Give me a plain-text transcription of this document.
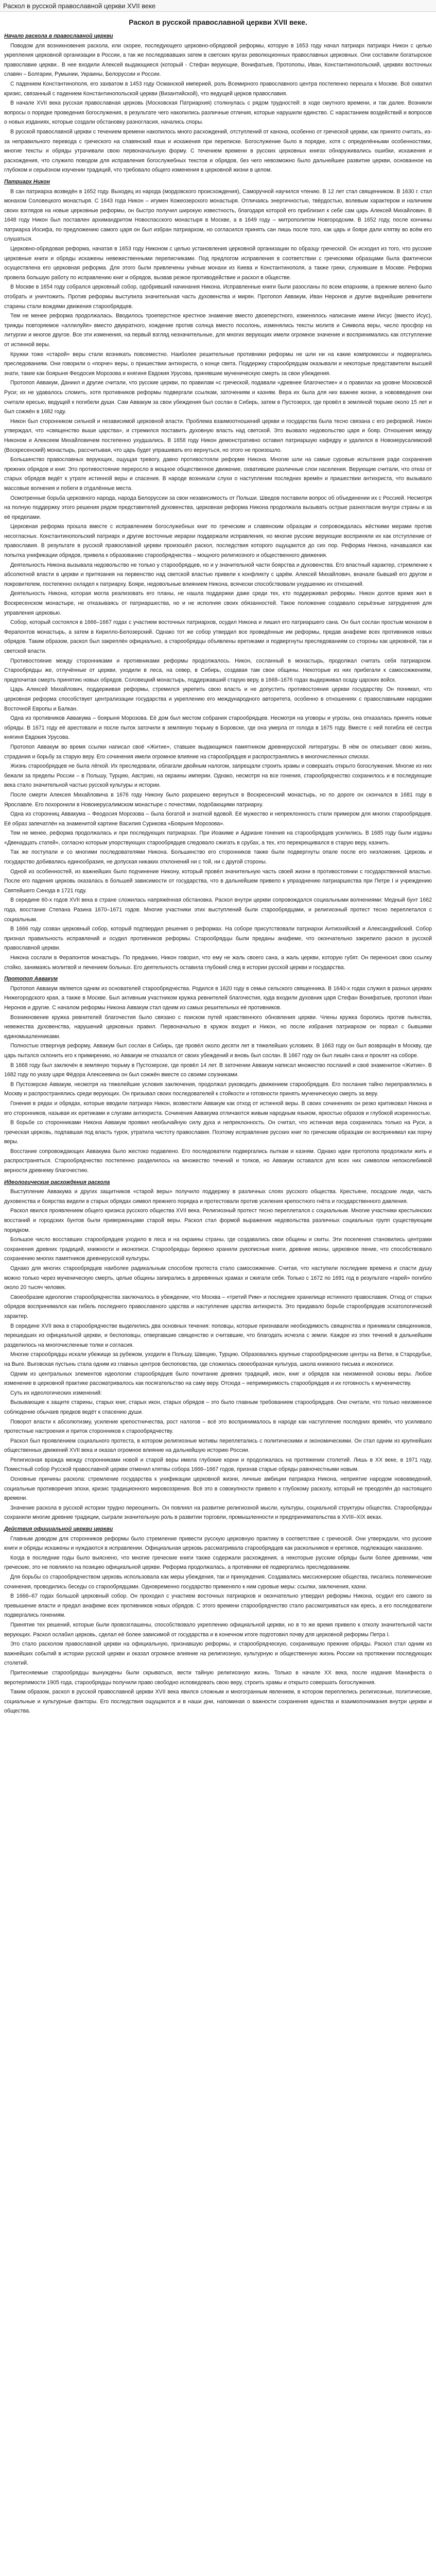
Раскол в русской православной церкви XVII веке
Раскол в русской православной церкви XVII веке.
Начало раскола в православной церкви

Поводом для возникновения раскола, или скорее, последующего церковно-обрядовой реформы, которую в 1653 году начал патриарх патриарх Никон с целью укрепления церковной организации в России, а так же последовавших затем в светских кругах революционных православных церковных. Они составили богатырское православие церкви.. В нее входили Алексей выдающиеся (который - Стефан верующие, Вонифатьев, Протопопы, Иван, Константинопольский, церквях восточных славян – Болгарии, Румынии, Украины, Белоруссии и России.

С падением Константинополя, его захватом в 1453 году Османской империей, роль Всемирного православного центра постепенно перешла к Москве. Всё охватил кризис, связанный с падением Константинопольской церкви (Византийской), что ведущей церков православия.

В начале XVII века русская православная церковь (Московская Патриархия) столкнулась с рядом трудностей: в ходе смутного времени, и так далее. Возникли вопросы о порядке проведения богослужения, в результате чего накопились различные отличия, которые нарушили единство. С нарастанием воздействий и вопросов о новых изданиях, которые создали обстановку разногласия, начались споры.

В русской православной церкви с течением времени накопилось много расхождений, отступлений от канона, особенно от греческой церкви, как принято считать, из-за неправильного перевода с греческого на славянский язык и искажения при переписке. Богослужение было в порядке, хотя с определёнными особенностями, многие тексты и обряды утрачивали свою первоначальную форму. С течением времени в русских церковных книгах обнаруживались ошибки, искажения и расхождения, что служило поводом для исправления богослужебных текстов и обрядов, без чего невозможно было дальнейшее развитие церкви, основанное на глубоком и серьёзном изучении традиций, что требовало общего изменения в церковной жизни в целом.

Патриарх Никон

В сан патриарха возведён в 1652 году. Выходец из народа (мордовского происхождения), Саморучной научился чтению. В 12 лет стал священником. В 1630 г. стал монахом Соловецкого монастыря. С 1643 года Никон – игумен Кожеозерского монастыря. Отличаясь энергичностью, твёрдостью, волевым характером и наличием своих взглядов на новые церковные реформы, он быстро получил широкую известность, благодаря которой его приблизил к себе сам царь Алексей Михайлович. В 1648 году Никон был поставлен архимандритом Новоспасского монастыря в Москве, а в 1649 году – митрополитом Новгородским. В 1652 году, после кончины патриарха Иосифа, по предложению самого царя он был избран патриархом, но согласился принять сан лишь после того, как царь и бояре дали клятву во всём его слушаться.

Церковно-обрядовая реформа, начатая в 1653 году Никоном с целью установления церковной организации по образцу греческой. Он исходил из того, что русские церковные книги и обряды искажены невежественными переписчиками. Под предлогом исправления в соответствии с греческими образцами была фактически осуществлена его церковная реформа. Для этого были привлечены учёные монахи из Киева и Константинополя, а также греки, служившие в Москве. Реформа провела большую работу по исправлению книг и обрядов, вызвав резкое противодействие и раскол в обществе.

В Москве в 1654 году собрался церковный собор, одобривший начинания Никона. Исправленные книги были разосланы по всем епархиям, а прежние велено было отобрать и уничтожить. Против реформы выступила значительная часть духовенства и мирян. Протопоп Аввакум, Иван Неронов и другие виднейшие ревнители старины стали вождями движения старообрядцев.

Тем не менее реформа продолжалась. Вводилось троеперстное крестное знамение вместо двоеперстного, изменялось написание имени Иисус (вместо Исус), трижды повторяемое «аллилуйя» вместо двукратного, хождение против солнца вместо посолонь, изменялись тексты молитв и Символа веры, число просфор на литургии и многое другое. Все эти изменения, на первый взгляд незначительные, для многих верующих имели огромное значение и воспринимались как отступление от истинной веры.

Кружки тоже «старой» веры стали возникать повсеместно. Наиболее решительные противники реформы не шли ни на какие компромиссы и подвергались преследованиям. Они говорили о «порче» веры, о пришествии антихриста, о конце света. Поддержку старообрядцам оказывали и некоторые представители высшей знати, такие как боярыня Феодосия Морозова и княгиня Евдокия Урусова, принявшие мученическую смерть за свои убеждения.

Протопоп Аввакум, Даниил и другие считали, что русские церкви, по правилам «с греческой, подавали «древнее благочестие» и о правилах на уровне Московской Руси; их не удавалось сломить, хотя противников реформы подвергали ссылкам, заточениям и казням. Вера их была для них важнее жизни, а нововведения они считали ересью, ведущей к погибели души. Сам Аввакум за свои убеждения был сослан в Сибирь, затем в Пустозерск, где провёл в земляной тюрьме около 15 лет и был сожжён в 1682 году.

Никон был сторонником сильной и независимой церковной власти. Проблема взаимоотношений церкви и государства была тесно связана с его реформой. Никон утверждал, что «священство выше царства», и стремился поставить духовную власть над светской. Это вызвало недовольство царя и бояр. Отношения между Никоном и Алексеем Михайловичем постепенно ухудшались. В 1658 году Никон демонстративно оставил патриаршую кафедру и удалился в Новоиерусалимский (Воскресенский) монастырь, рассчитывая, что царь будет упрашивать его вернуться, но этого не произошло.

Большинство православных верующих, ощущая тревогу, давно противостояли реформе Никона. Многие шли на самые суровые испытания ради сохранения прежних обрядов и книг. Это противостояние переросло в мощное общественное движение, охватившее различные слои населения. Верующие считали, что отказ от старых обрядов ведёт к утрате истинной веры и спасения. В народе возникали слухи о наступлении последних времён и пришествии антихриста, что вызывало массовые волнения и побеги в отдалённые места.

Осмотренные борьба церковного народа, народа Белоруссии за свои независимость от Польши. Шведов поставили вопрос об объединении их с Россией. Несмотря на полную поддержку этого решения рядом представителей духовенства, церковная реформа Никона продолжала вызывать острые разногласия внутри страны и за её пределами.

Церковная реформа прошла вместе с исправлением богослужебных книг по греческим и славянским образцам и сопровождалась жёсткими мерами против несогласных. Константинопольский патриарх и другие восточные иерархи поддержали исправления, но многие русские верующие восприняли их как отступление от православия. В результате в русской православной церкви произошёл раскол, последствия которого ощущаются до сих пор. Реформа Никона, начавшаяся как попытка унификации обрядов, привела к образованию старообрядчества – мощного религиозного и общественного движения.

Деятельность Никона вызывала недовольство не только у старообрядцев, но и у значительной части боярства и духовенства. Его властный характер, стремление к абсолютной власти в церкви и притязания на первенство над светской властью привели к конфликту с царём. Алексей Михайлович, вначале бывший его другом и покровителем, постепенно охладел к патриарху. Бояре, недовольные влиянием Никона, всячески способствовали ухудшению их отношений.

Деятельность Никона, которая могла реализовать его планы, не нашла поддержки даже среди тех, кто поддерживал реформы. Никон долгое время жил в Воскресенском монастыре, не отказываясь от патриаршества, но и не исполняя своих обязанностей. Такое положение создавало серьёзные затруднения для управления церковью.

Собор, который состоялся в 1666–1667 годах с участием восточных патриархов, осудил Никона и лишил его патриаршего сана. Он был сослан простым монахом в Ферапонтов монастырь, а затем в Кирилло-Белозерский. Однако тот же собор утвердил все проведённые им реформы, предав анафеме всех противников новых обрядов. Таким образом, раскол был закреплён официально, а старообрядцы объявлены еретиками и подвергнуты преследованиям со стороны как церковной, так и светской власти.

Противостояние между сторонниками и противниками реформы продолжалось. Никон, сосланный в монастырь, продолжал считать себя патриархом. Старообрядцы же, отлучённые от церкви, уходили в леса, на север, в Сибирь, создавая там свои общины. Некоторые из них прибегали к самосожжениям, предпочитая смерть принятию новых обрядов. Соловецкий монастырь, поддержавший старую веру, в 1668–1676 годах выдерживал осаду царских войск.

Царь Алексей Михайлович, поддерживая реформы, стремился укрепить свою власть и не допустить противостояния церкви государству. Он понимал, что церковная реформа способствует централизации государства и укреплению его международного авторитета, особенно в отношениях с православными народами Восточной Европы и Балкан.

Одна из противников Аввакума – боярыня Морозова. Её дом был местом собрания старообрядцев. Несмотря на уговоры и угрозы, она отказалась принять новые обряды. В 1671 году её арестовали и после пыток заточили в земляную тюрьму в Боровске, где она умерла от голода в 1675 году. Вместе с ней погибла её сестра княгиня Евдокия Урусова.

Протопоп Аввакум во время ссылки написал своё «Житие», ставшее выдающимся памятником древнерусской литературы. В нём он описывает свою жизнь, страдания и борьбу за старую веру. Его сочинения имели огромное влияние на старообрядцев и распространялись в многочисленных списках.

Жизнь старообрядцев не была лёгкой. Их преследовали, облагали двойным налогом, запрещали строить храмы и совершать открыто богослужения. Многие из них бежали за пределы России – в Польшу, Турцию, Австрию, на окраины империи. Однако, несмотря на все гонения, старообрядчество сохранилось и в последующие века стало значительной частью русской культуры и истории.

После смерти Алексея Михайловича в 1676 году Никону было разрешено вернуться в Воскресенский монастырь, но по дороге он скончался в 1681 году в Ярославле. Его похоронили в Новоиерусалимском монастыре с почестями, подобающими патриарху.

Одна из сторонниц Аввакума – Феодосия Морозова – была богатой и знатной вдовой. Её мужество и непреклонность стали примером для многих старообрядцев. Её образ запечатлён на знаменитой картине Василия Сурикова «Боярыня Морозова».

Тем не менее, реформа продолжалась и при последующих патриархах. При Иоакиме и Адриане гонения на старообрядцев усилились. В 1685 году были изданы «Двенадцать статей», согласно которым упорствующих старообрядцев следовало сжигать в срубах, а тех, кто перекрещивался в старую веру, казнить.

Так же поступали и со многими последователями Никона. Большинство его сторонников также были подвергнуты опале после его низложения. Церковь и государство добивались единообразия, не допуская никаких отклонений ни с той, ни с другой стороны.

Одной из особенностей, из важнейших было подчинение Никону, который провёл значительную часть своей жизни в противостоянии с государственной властью. После его падения церковь оказалась в большей зависимости от государства, что в дальнейшем привело к упразднению патриаршества при Петре I и учреждению Святейшего Синода в 1721 году.

В середине 60-х годов XVII века в стране сложилась напряжённая обстановка. Раскол внутри церкви сопровождался социальными волнениями: Медный бунт 1662 года, восстание Степана Разина 1670–1671 годов. Многие участники этих выступлений были старообрядцами, и религиозный протест тесно переплетался с социальным.

В 1666 году созван церковный собор, который подтвердил решения о реформах. На соборе присутствовали патриархи Антиохийский и Александрийский. Собор признал правильность исправлений и осудил противников реформы. Старообрядцы были преданы анафеме, что окончательно закрепило раскол в русской православной церкви.

Никона сослали в Ферапонтов монастырь. По преданию, Никон говорил, что ему не жаль своего сана, а жаль церкви, которую губят. Он переносил свою ссылку стойко, занимаясь молитвой и лечением больных. Его деятельность оставила глубокий след в истории русской церкви и государства.

Протопоп Аввакум

Протопоп Аввакум является одним из основателей старообрядчества. Родился в 1620 году в семье сельского священника. В 1640-х годах служил в разных церквях Нижегородского края, а также в Москве. Был активным участником кружка ревнителей благочестия, куда входили духовник царя Стефан Вонифатьев, протопоп Иван Неронов и другие. С началом реформы Никона Аввакум стал одним из самых решительных её противников.

Возникновение кружка ревнителей благочестия было связано с поиском путей нравственного обновления церкви. Члены кружка боролись против пьянства, невежества духовенства, нарушений церковных правил. Первоначально в кружок входил и Никон, но после избрания патриархом он порвал с бывшими единомышленниками.

Полностью отвергнув реформу, Аввакум был сослан в Сибирь, где провёл около десяти лет в тяжелейших условиях. В 1663 году он был возвращён в Москву, где царь пытался склонить его к примирению, но Аввакум не отказался от своих убеждений и вновь был сослан. В 1667 году он был лишён сана и проклят на соборе.

В 1668 году был заключён в земляную тюрьму в Пустозерске, где провёл 14 лет. В заточении Аввакум написал множество посланий и своё знаменитое «Житие». В 1682 году по указу царя Фёдора Алексеевича он был сожжён вместе со своими соузниками.

В Пустозерске Аввакум, несмотря на тяжелейшие условия заключения, продолжал руководить движением старообрядцев. Его послания тайно переправлялись в Москву и распространялись среди верующих. Он призывал своих последователей к стойкости и готовности принять мученическую смерть за веру.

Гонения в рядах и обрядах, которые вводили патриарх Никон, возвестили Аввакум как отход от истинной веры. В своих сочинениях он резко критиковал Никона и его сторонников, называя их еретиками и слугами антихриста. Сочинения Аввакума отличаются живым народным языком, яркостью образов и глубокой искренностью.

В борьбе со сторонниками Никона Аввакум проявил необычайную силу духа и непреклонность. Он считал, что истинная вера сохранилась только на Руси, а греческая церковь, подпавшая под власть турок, утратила чистоту православия. Поэтому исправление русских книг по греческим образцам он воспринимал как порчу веры.

Восстание сопровождающих Аввакума было жестоко подавлено. Его последователи подвергались пыткам и казням. Однако идеи протопопа продолжали жить и распространяться. Старообрядчество постепенно разделилось на множество течений и толков, но Аввакум оставался для всех них символом непоколебимой верности древнему благочестию.

Идеологические расхождения раскола

Выступление Аввакума и других защитников «старой веры» получило поддержку в различных слоях русского общества. Крестьяне, посадские люди, часть духовенства и боярства видели в старых обрядах символ прежнего порядка и протестовали против усиления крепостного гнёта и государственного давления.

Раскол явился проявлением общего кризиса русского общества XVII века. Религиозный протест тесно переплетался с социальным. Многие участники крестьянских восстаний и городских бунтов были приверженцами старой веры. Раскол стал формой выражения недовольства различных социальных групп существующим порядком.

Большое число восставших старообрядцев уходило в леса и на окраины страны, где создавались свои общины и скиты. Эти поселения становились центрами сохранения древних традиций, книжности и иконописи. Старообрядцы бережно хранили рукописные книги, древние иконы, церковное пение, что способствовало сохранению многих памятников древнерусской культуры.

Однако для многих старообрядцев наиболее радикальным способом протеста стало самосожжение. Считая, что наступили последние времена и спасти душу можно только через мученическую смерть, целые общины запирались в деревянных храмах и сжигали себя. Только с 1672 по 1691 год в результате «гарей» погибло около 20 тысяч человек.

Своеобразие идеологии старообрядчества заключалось в убеждении, что Москва – «третий Рим» и последнее хранилище истинного православия. Отход от старых обрядов воспринимался как гибель последнего православного царства и наступление царства антихриста. Это придавало борьбе старообрядцев эсхатологический характер.

В середине XVII века в старообрядчестве выделились два основных течения: поповцы, которые признавали необходимость священства и принимали священников, перешедших из официальной церкви, и беспоповцы, отвергавшие священство и считавшие, что благодать исчезла с земли. Каждое из этих течений в дальнейшем разделилось на многочисленные толки и согласия.

Многие старообрядцы искали убежище за рубежом, уходили в Польшу, Швецию, Турцию. Образовались крупные старообрядческие центры на Ветке, в Стародубье, на Выге. Выговская пустынь стала одним из главных центров беспоповства, где сложилась своеобразная культура, школа книжного письма и иконописи.

Одним из центральных элементов идеологии старообрядцев было почитание древних традиций, икон, книг и обрядов как неизменной основы веры. Любое изменение в церковной практике рассматривалось как посягательство на саму веру. Отсюда – непримиримость старообрядцев и их готовность к мученичеству.

Суть их идеологических изменений:

Вызывающие к защите старины, старых книг, старых икон, старых обрядов – это было главным требованием старообрядцев. Они считали, что только неизменное соблюдение обычаев предков ведёт к спасению души.

Поворот власти к абсолютизму, усиление крепостничества, рост налогов – всё это воспринималось в народе как наступление последних времён, что усиливало протестные настроения и приток сторонников к старообрядчеству.

Раскол был проявлением социального протеста, в котором религиозные мотивы переплетались с политическими и экономическими. Он стал одним из крупнейших общественных движений XVII века и оказал огромное влияние на дальнейшую историю России.

Религиозная вражда между сторонниками новой и старой веры имела глубокие корни и продолжалась на протяжении столетий. Лишь в XX веке, в 1971 году, Поместный собор Русской православной церкви отменил клятвы собора 1666–1667 годов, признав старые обряды равночестными новым.

Основные причины раскола: стремление государства к унификации церковной жизни, личные амбиции патриарха Никона, неприятие народом нововведений, социальные противоречия эпохи, кризис традиционного мировоззрения. Всё это в совокупности привело к глубокому расколу, который не преодолён до настоящего времени.

Значение раскола в русской истории трудно переоценить. Он повлиял на развитие религиозной мысли, культуры, социальной структуры общества. Старообрядцы сохранили многие древние традиции, сыграли значительную роль в развитии торговли, промышленности и предпринимательства в XVIII–XIX веках.

Действия официальной церкви церкви

Главным доводом для сторонников реформы было стремление привести русскую церковную практику в соответствие с греческой. Они утверждали, что русские книги и обряды искажены и нуждаются в исправлении. Официальная церковь рассматривала старообрядцев как раскольников и еретиков, подлежащих наказанию.

Когда в последние годы было выяснено, что многие греческие книги также содержали расхождения, а некоторые русские обряды были более древними, чем греческие, это не повлияло на позицию официальной церкви. Реформа продолжалась, а противники её подвергались преследованиям.

Для борьбы со старообрядчеством церковь использовала как меры убеждения, так и принуждения. Создавались миссионерские общества, писались полемические сочинения, проводились беседы со старообрядцами. Одновременно государство применяло к ним суровые меры: ссылки, заключения, казни.

В 1666–67 годах большой церковный собор. Он проходил с участием восточных патриархов и окончательно утвердил реформы Никона, осудил его самого за превышение власти и предал анафеме всех противников новых обрядов. С этого времени старообрядчество стало рассматриваться как ересь, а его последователи подвергались гонениям.

Принятие тех решений, которые были провозглашены, способствовало укреплению официальной церкви, но в то же время привело к отколу значительной части верующих. Раскол ослабил церковь, сделал её более зависимой от государства и в конечном итоге подготовил почву для церковной реформы Петра I.

Это стало расколом православной церкви на официальную, признавшую реформы, и старообрядческую, сохранившую прежние обряды. Раскол стал одним из важнейших событий в истории русской церкви и оказал огромное влияние на религиозную, культурную и общественную жизнь России на протяжении последующих столетий.

Притесняемые старообрядцы вынуждены были скрываться, вести тайную религиозную жизнь. Только в начале XX века, после издания Манифеста о веротерпимости 1905 года, старообрядцы получили право свободно исповедовать свою веру, строить храмы и открыто совершать богослужения.

Таким образом, раскол в русской православной церкви XVII века явился сложным и многогранным явлением, в котором переплелись религиозные, политические, социальные и культурные факторы. Его последствия ощущаются и в наши дни, напоминая о важности сохранения единства и взаимопонимания внутри церкви и общества.
